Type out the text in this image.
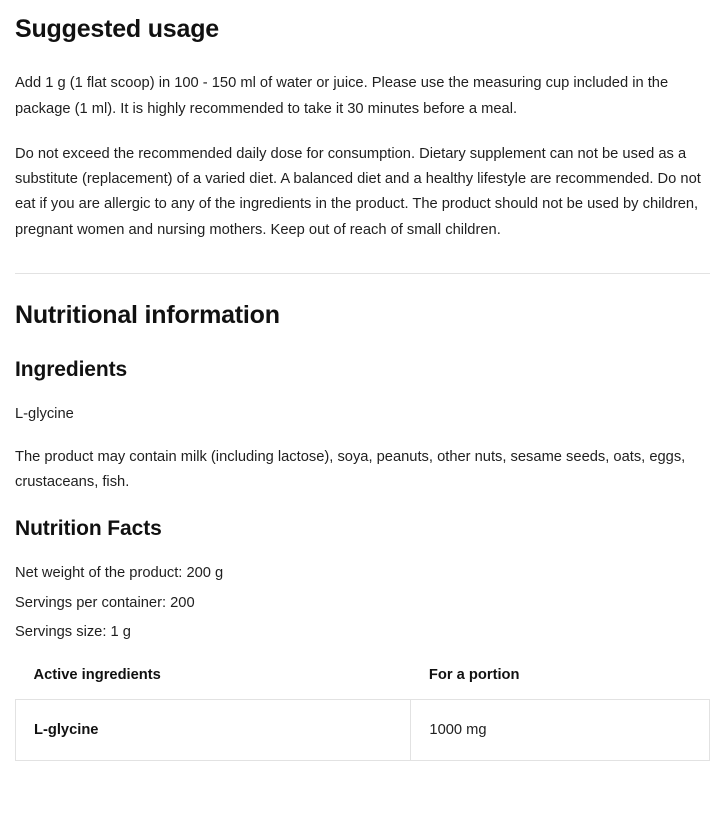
Suggested usage

Add 1 g (1 flat scoop) in 100 - 150 ml of water or juice. Please use the measuring cup included in the package (1 ml). It is highly recommended to take it 30 minutes before a meal.

Do not exceed the recommended daily dose for consumption. Dietary supplement can not be used as a substitute (replacement) of a varied diet. A balanced diet and a healthy lifestyle are recommended. Do not eat if you are allergic to any of the ingredients in the product. The product should not be used by children, pregnant women and nursing mothers. Keep out of reach of small children.

Nutritional information
Ingredients

L-glycine

The product may contain milk (including lactose), soya, peanuts, other nuts, sesame seeds, oats, eggs, crustaceans, fish.

Nutrition Facts

Net weight of the product: 200 g

Servings per container: 200

Servings size: 1 g

Active ingredients	For a portion
L-glycine	1000 mg
